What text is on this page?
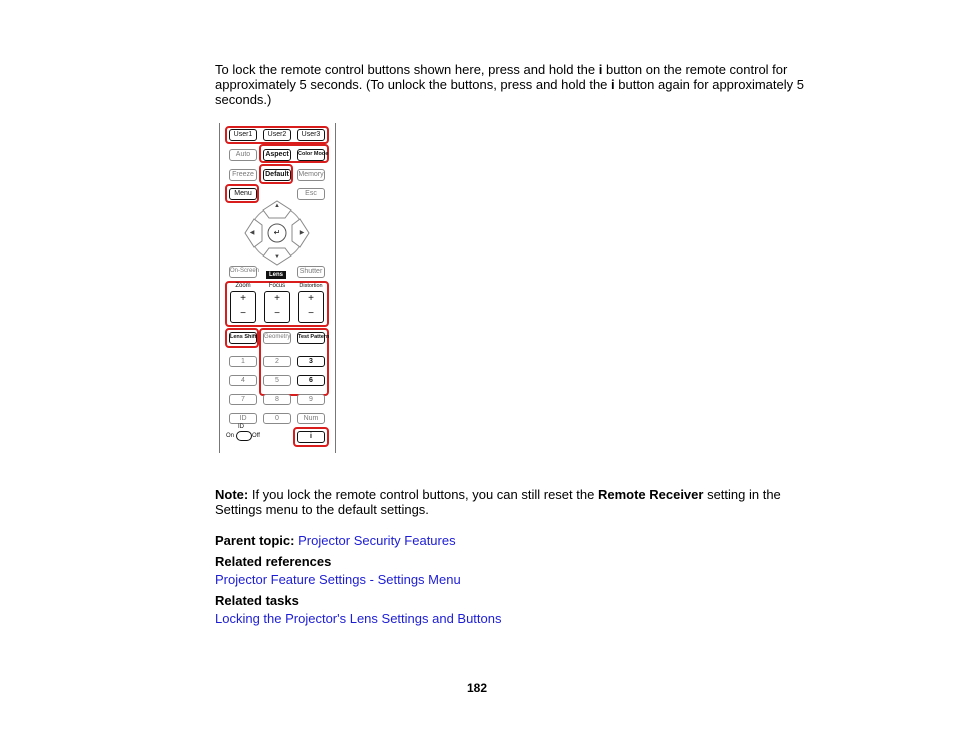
To lock the remote control buttons shown here, press and hold the i button on the remote control for approximately 5 seconds. (To unlock the buttons, press and hold the i button again for approximately 5 seconds.)

User1	User2	User3
Auto	Aspect	Color Mode
Freeze	Default	Memory
Menu	Esc
▲
▼
◀	▶
↵
On-Screen
Lens	Shutter
Zoom	Focus	Distortion
+
−
+
−
+
−
Lens Shift Geometry Test Pattern
1	2	3
4	5	6
7	8	9
ID	0	Num
ID
On	Off	i

Note: If you lock the remote control buttons, you can still reset the Remote Receiver setting in the Settings menu to the default settings.

Parent topic: Projector Security Features

Related references

Projector Feature Settings - Settings Menu

Related tasks

Locking the Projector's Lens Settings and Buttons

182
